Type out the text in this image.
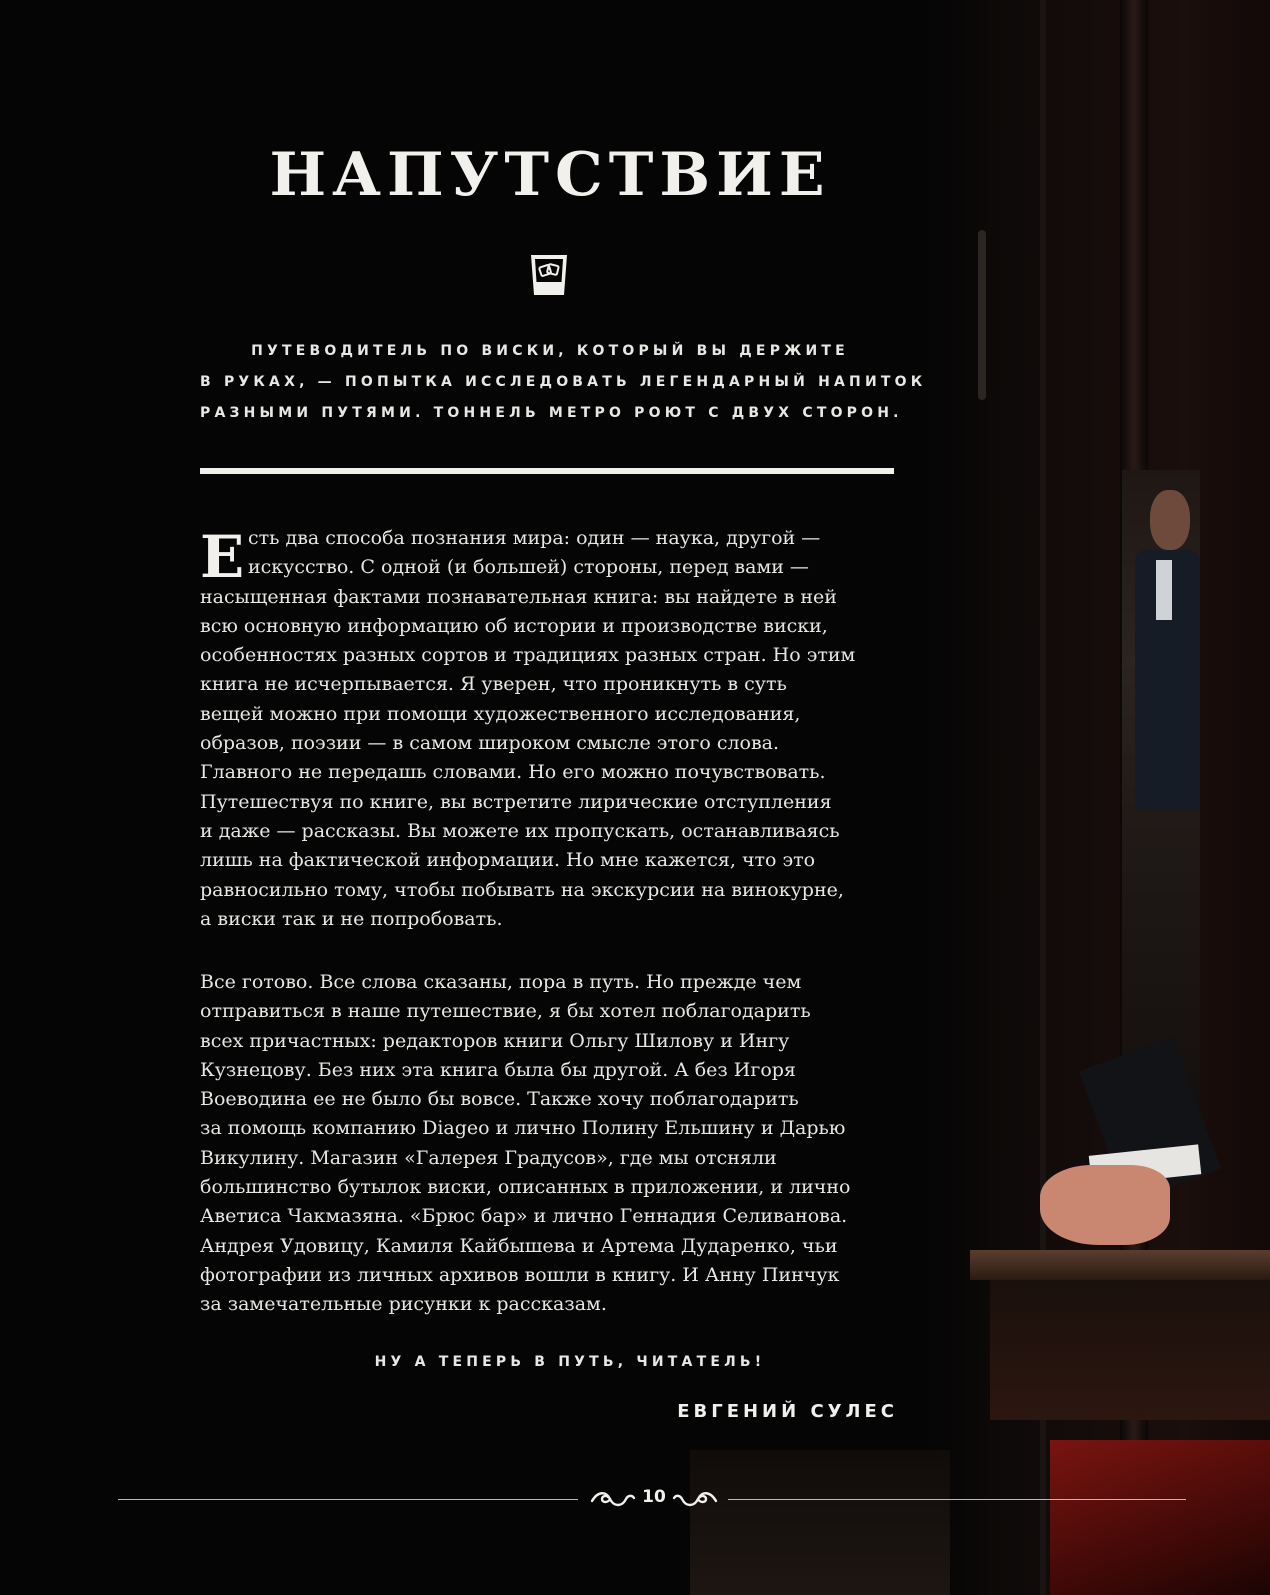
НАПУТСТВИЕ
ПУТЕВОДИТЕЛЬ ПО ВИСКИ, КОТОРЫЙ ВЫ ДЕРЖИТЕ
В РУКАХ, — ПОПЫТКА ИССЛЕДОВАТЬ ЛЕГЕНДАРНЫЙ НАПИТОК
РАЗНЫМИ ПУТЯМИ. ТОННЕЛЬ МЕТРО РОЮТ С ДВУХ СТОРОН.
Е сть два способа познания мира: один — наука, другой —
искусство. С одной (и большей) стороны, перед вами —
насыщенная фактами познавательная книга: вы найдете в ней
всю основную информацию об истории и производстве виски,
особенностях разных сортов и традициях разных стран. Но этим
книга не исчерпывается. Я уверен, что проникнуть в суть
вещей можно при помощи художественного исследования,
образов, поэзии — в самом широком смысле этого слова.
Главного не передашь словами. Но его можно почувствовать.
Путешествуя по книге, вы встретите лирические отступления
и даже — рассказы. Вы можете их пропускать, останавливаясь
лишь на фактической информации. Но мне кажется, что это
равносильно тому, чтобы побывать на экскурсии на винокурне,
а виски так и не попробовать.
Все готово. Все слова сказаны, пора в путь. Но прежде чем
отправиться в наше путешествие, я бы хотел поблагодарить
всех причастных: редакторов книги Ольгу Шилову и Ингу
Кузнецову. Без них эта книга была бы другой. А без Игоря
Воеводина ее не было бы вовсе. Также хочу поблагодарить
за помощь компанию Diageo и лично Полину Ельшину и Дарью
Викулину. Магазин «Галерея Градусов», где мы отсняли
большинство бутылок виски, описанных в приложении, и лично
Аветиса Чакмазяна. «Брюс бар» и лично Геннадия Селиванова.
Андрея Удовицу, Камиля Кайбышева и Артема Дударенко, чьи
фотографии из личных архивов вошли в книгу. И Анну Пинчук
за замечательные рисунки к рассказам.
НУ А ТЕПЕРЬ В ПУТЬ, ЧИТАТЕЛЬ!
ЕВГЕНИЙ СУЛЕС
10
